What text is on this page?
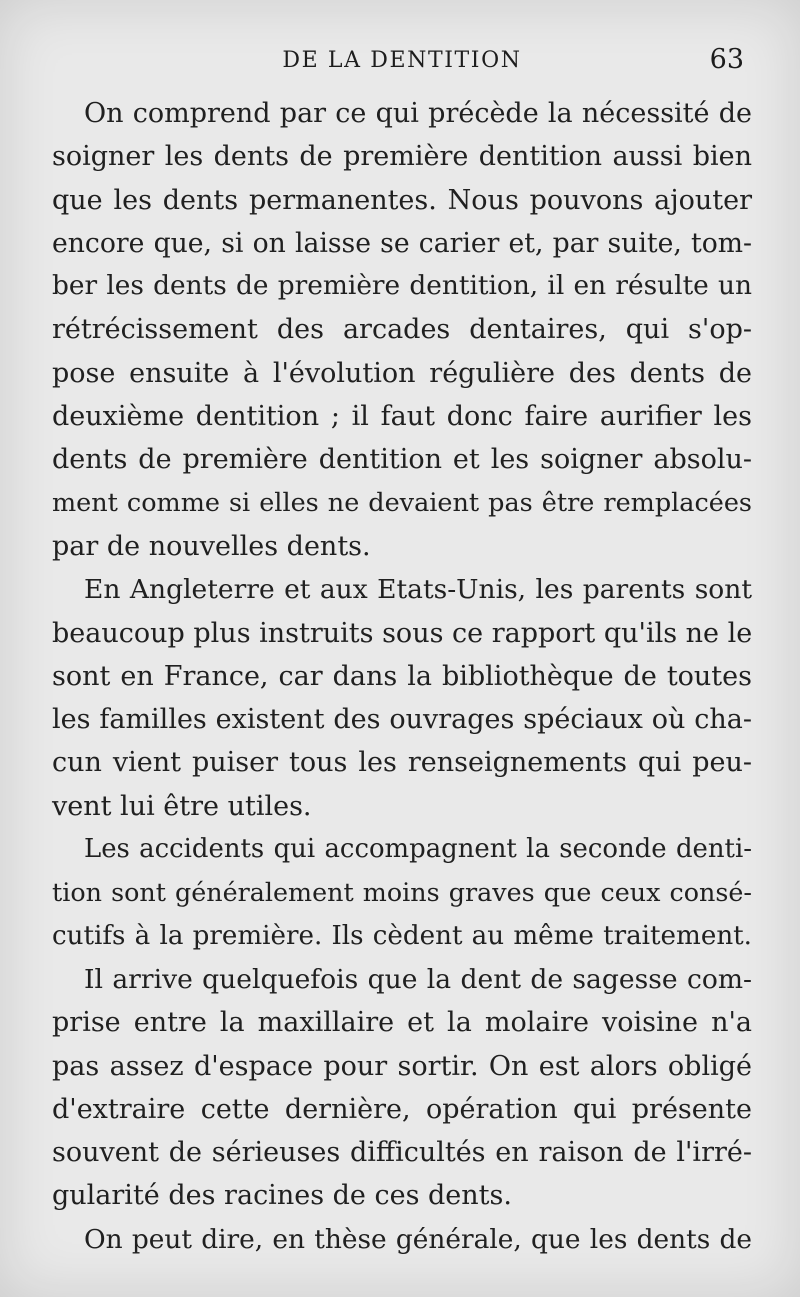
DE LA DENTITION	63
On comprend par ce qui précède la nécessité de
soigner les dents de première dentition aussi bien
que les dents permanentes. Nous pouvons ajouter
encore que, si on laisse se carier et, par suite, tom-
ber les dents de première dentition, il en résulte un
rétrécissement des arcades dentaires, qui s'op-
pose ensuite à l'évolution régulière des dents de
deuxième dentition ; il faut donc faire aurifier les
dents de première dentition et les soigner absolu-
ment comme si elles ne devaient pas être remplacées
par de nouvelles dents.
En Angleterre et aux Etats-Unis, les parents sont
beaucoup plus instruits sous ce rapport qu'ils ne le
sont en France, car dans la bibliothèque de toutes
les familles existent des ouvrages spéciaux où cha-
cun vient puiser tous les renseignements qui peu-
vent lui être utiles.
Les accidents qui accompagnent la seconde denti-
tion sont généralement moins graves que ceux consé-
cutifs à la première. Ils cèdent au même traitement.
Il arrive quelquefois que la dent de sagesse com-
prise entre la maxillaire et la molaire voisine n'a
pas assez d'espace pour sortir. On est alors obligé
d'extraire cette dernière, opération qui présente
souvent de sérieuses difficultés en raison de l'irré-
gularité des racines de ces dents.
On peut dire, en thèse générale, que les dents de
